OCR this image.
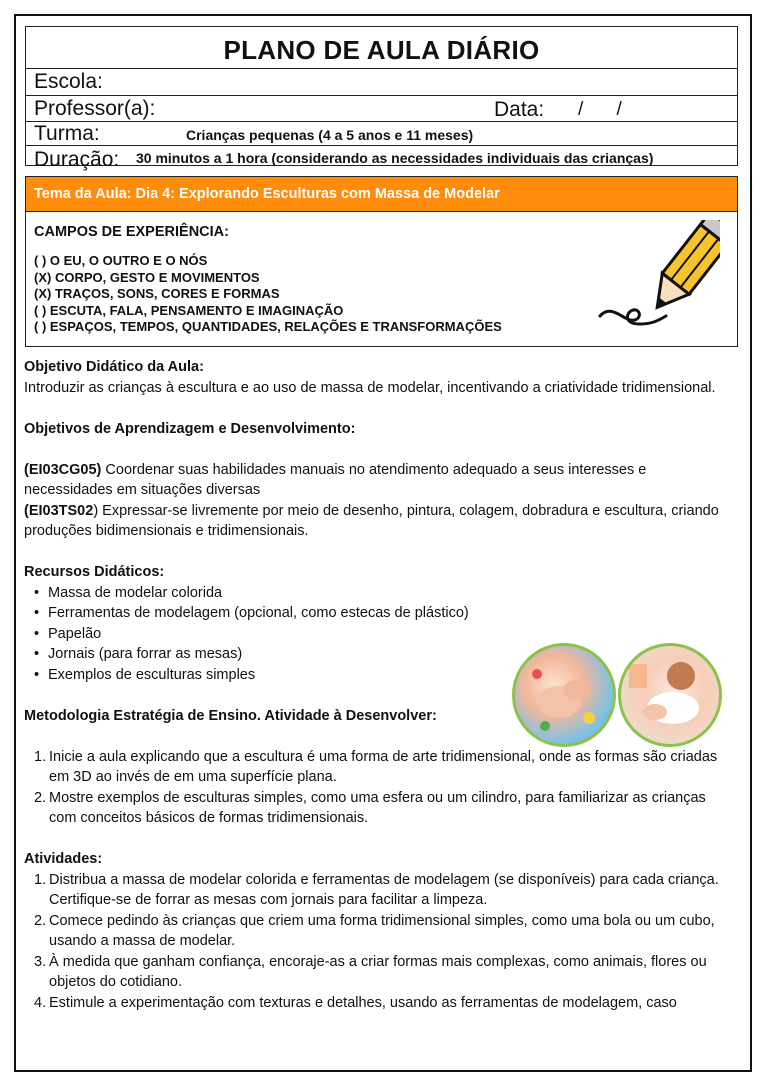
PLANO DE AULA DIÁRIO
Escola:
Professor(a):	Data: / /
Turma:	Crianças pequenas (4 a 5 anos e 11 meses)
Duração: 30 minutos a 1 hora (considerando as necessidades individuais das crianças)
Tema da Aula: Dia 4: Explorando Esculturas com Massa de Modelar
CAMPOS DE EXPERIÊNCIA:
( ) O EU, O OUTRO E O NÓS
(X) CORPO, GESTO E MOVIMENTOS
(X) TRAÇOS, SONS, CORES E FORMAS
( ) ESCUTA, FALA, PENSAMENTO E IMAGINAÇÃO
( ) ESPAÇOS, TEMPOS, QUANTIDADES, RELAÇÕES E TRANSFORMAÇÕES

Objetivo Didático da Aula:

Introduzir as crianças à escultura e ao uso de massa de modelar, incentivando a criatividade tridimensional.

Objetivos de Aprendizagem e Desenvolvimento:

(EI03CG05) Coordenar suas habilidades manuais no atendimento adequado a seus interesses e necessidades em situações diversas

(EI03TS02) Expressar-se livremente por meio de desenho, pintura, colagem, dobradura e escultura, criando produções bidimensionais e tridimensionais.

Recursos Didáticos:

• Massa de modelar colorida
• Ferramentas de modelagem (opcional, como estecas de plástico)
• Papelão
• Jornais (para forrar as mesas)
• Exemplos de esculturas simples

Metodologia Estratégia de Ensino. Atividade à Desenvolver:

1. Inicie a aula explicando que a escultura é uma forma de arte tridimensional, onde as formas são criadas em 3D ao invés de em uma superfície plana.
2. Mostre exemplos de esculturas simples, como uma esfera ou um cilindro, para familiarizar as crianças com conceitos básicos de formas tridimensionais.

Atividades:

1. Distribua a massa de modelar colorida e ferramentas de modelagem (se disponíveis) para cada criança. Certifique-se de forrar as mesas com jornais para facilitar a limpeza.
2. Comece pedindo às crianças que criem uma forma tridimensional simples, como uma bola ou um cubo, usando a massa de modelar.
3. À medida que ganham confiança, encoraje-as a criar formas mais complexas, como animais, flores ou objetos do cotidiano.
4. Estimule a experimentação com texturas e detalhes, usando as ferramentas de modelagem, caso
